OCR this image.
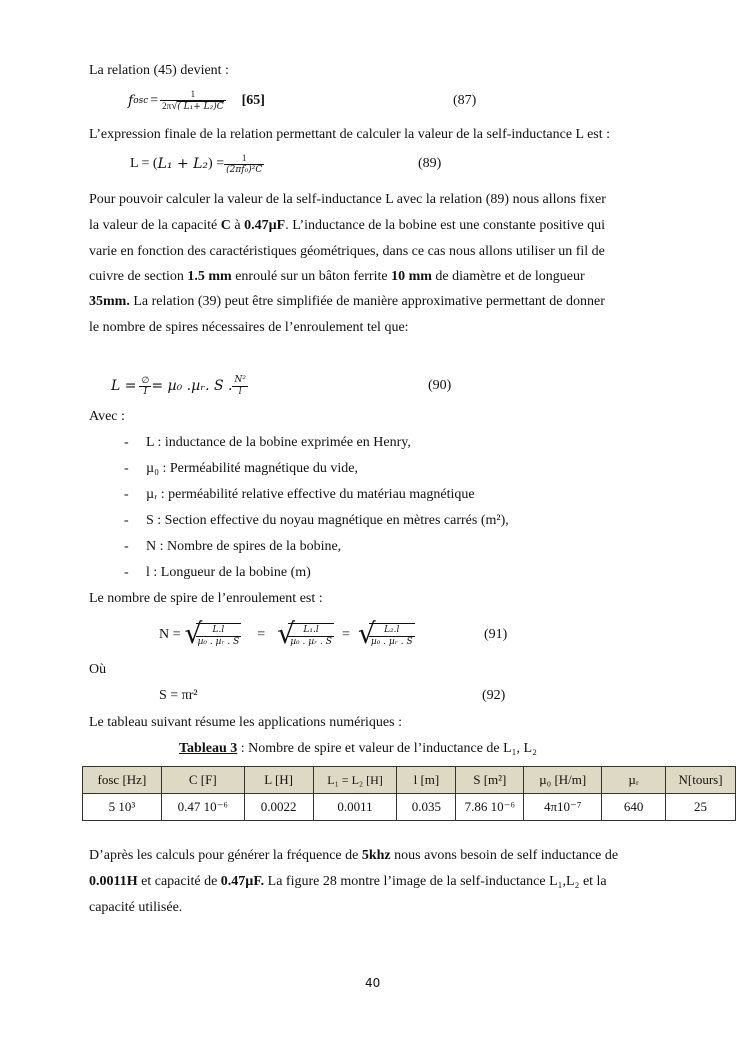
La relation (45) devient :
f osc = $\frac{1}{\text{2π√( L₁+ L₂)C}} [65]$	(87)
L’expression finale de la relation permettant de calculer la valeur de la self-inductance L est :
L = ( L₁ + L₂ ) = $\frac{1}{\text{(2πf₀)²C}}$	(89)
Pour pouvoir calculer la valeur de la self-inductance L avec la relation (89) nous allons fixer
la valeur de la capacité C à 0.47µF. L’inductance de la bobine est une constante positive qui
varie en fonction des caractéristiques géométriques, dans ce cas nous allons utiliser un fil de
cuivre de section 1.5 mm enroulé sur un bâton ferrite 10 mm de diamètre et de longueur
35mm. La relation (39) peut être simplifiée de manière approximative permettant de donner
le nombre de spires nécessaires de l’enroulement tel que:
$L = \frac{\emptyset}{I} = \mu_0$ .µᵣ. S . $\frac{\text{N²}}{l}$	(90)
Avec :
- L : inductance de la bobine exprimée en Henry,
- µ₀ : Perméabilité magnétique du vide,
- µᵣ : perméabilité relative effective du matériau magnétique
- S : Section effective du noyau magnétique en mètres carrés (m²),
- N : Nombre de spires de la bobine,
- l : Longueur de la bobine (m)
Le nombre de spire de l’enroulement est :
N = √ $\frac{L.l}{\text{µ₀ . µᵣ . S}}$ =	√ $\frac{\text{L₁.l}}{\text{µ₀ . µᵣ . S}}$ = √ $\frac{\text{L₂.l}}{\text{µ₀ . µᵣ . S}}$	(91)
Où
S = πr²	(92)
Le tableau suivant résume les applications numériques :
Tableau 3 : Nombre de spire et valeur de l’inductance de L₁, L₂
fosc [Hz]	C [F]	L [H]	L₁ = L₂ [H]	l [m]	S [m²]	µ₀ [H/m]	µᵣ	N[tours]
5 10³	0.47 10⁻⁶	0.0022	0.0011	0.035	7.86 10⁻⁶	4π10⁻⁷	640	25
D’après les calculs pour générer la fréquence de 5khz nous avons besoin de self inductance de
0.0011H et capacité de 0.47µF. La figure 28 montre l’image de la self-inductance L₁,L₂ et la
capacité utilisée.
40
